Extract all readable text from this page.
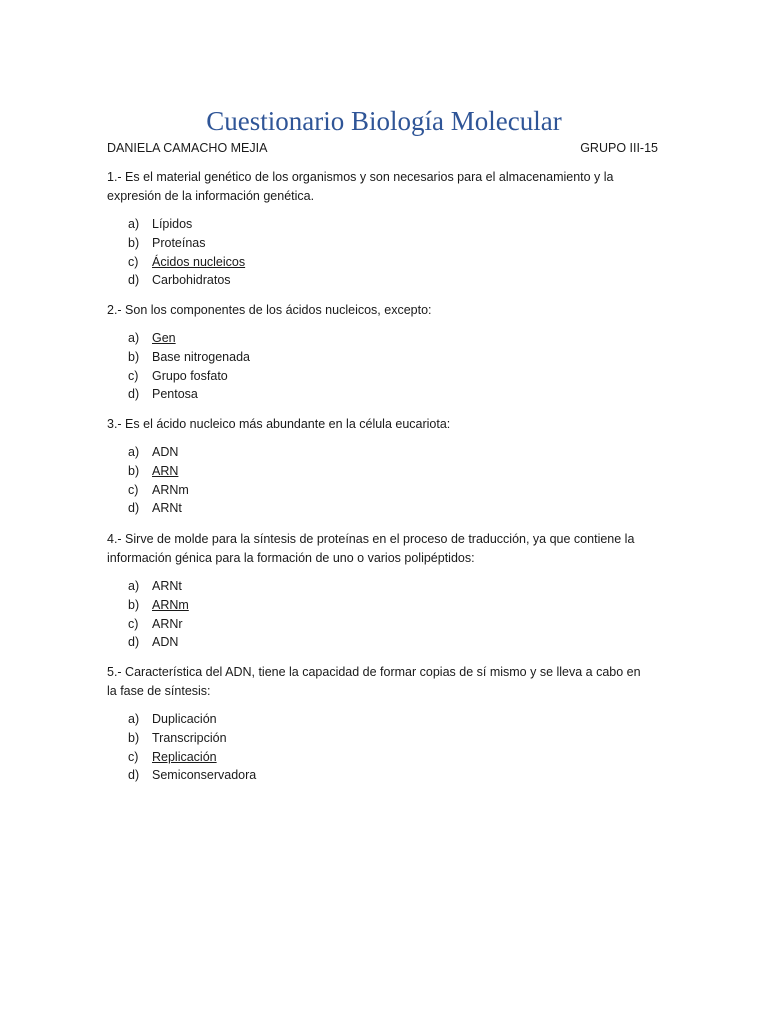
Cuestionario Biología Molecular
DANIELA CAMACHO MEJIA	GRUPO III-15

1.- Es el material genético de los organismos y son necesarios para el almacenamiento y la expresión de la información genética.

a) Lípidos
b) Proteínas
c) Ácidos nucleicos
d) Carbohidratos

2.- Son los componentes de los ácidos nucleicos, excepto:

a) Gen
b) Base nitrogenada
c) Grupo fosfato
d) Pentosa

3.- Es el ácido nucleico más abundante en la célula eucariota:

a) ADN
b) ARN
c) ARNm
d) ARNt

4.- Sirve de molde para la síntesis de proteínas en el proceso de traducción, ya que contiene la información génica para la formación de uno o varios polipéptidos:

a) ARNt
b) ARNm
c) ARNr
d) ADN

5.- Característica del ADN, tiene la capacidad de formar copias de sí mismo y se lleva a cabo en la fase de síntesis:

a) Duplicación
b) Transcripción
c) Replicación
d) Semiconservadora
